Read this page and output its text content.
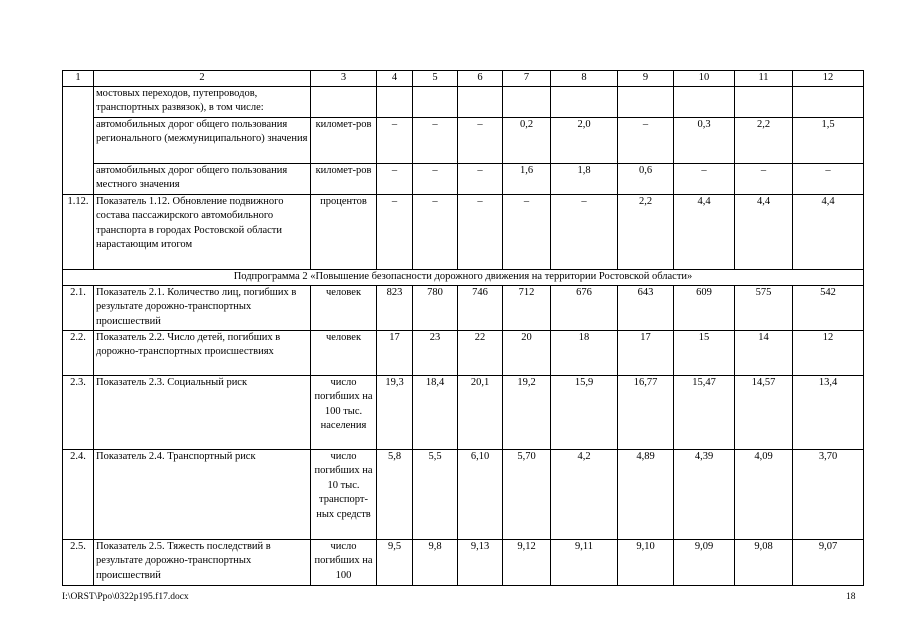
1	2	3	4	5	6	7	8	9	10	11	12
	мостовых переходов, путепроводов, транспортных развязок), в том числе:										
	автомобильных дорог общего пользования регионального (межмуниципального) значения	километ-ров	–	–	–	0,2	2,0	–	0,3	2,2	1,5
	автомобильных дорог общего пользования местного значения	километ-ров	–	–	–	1,6	1,8	0,6	–	–	–
1.12.	Показатель 1.12. Обновление подвижного состава пассажирского автомобильного транспорта в городах Ростовской области нарастающим итогом	процентов	–	–	–	–	–	2,2	4,4	4,4	4,4
Подпрограмма 2 «Повышение безопасности дорожного движения на территории Ростовской области»											
2.1.	Показатель 2.1. Количество лиц, погибших в результате дорожно-транспортных происшествий	человек	823	780	746	712	676	643	609	575	542
2.2.	Показатель 2.2. Число детей, погибших в дорожно-транспортных происшествиях	человек	17	23	22	20	18	17	15	14	12
2.3.	Показатель 2.3. Социальный риск	число погибших на 100 тыс. населения	19,3	18,4	20,1	19,2	15,9	16,77	15,47	14,57	13,4
2.4.	Показатель 2.4. Транспортный риск	число погибших на 10 тыс. транспорт-ных средств	5,8	5,5	6,10	5,70	4,2	4,89	4,39	4,09	3,70
2.5.	Показатель 2.5. Тяжесть последствий в результате дорожно-транспортных происшествий	число погибших на 100	9,5	9,8	9,13	9,12	9,11	9,10	9,09	9,08	9,07
I:\ORST\Ppo\0322p195.f17.docx	18
